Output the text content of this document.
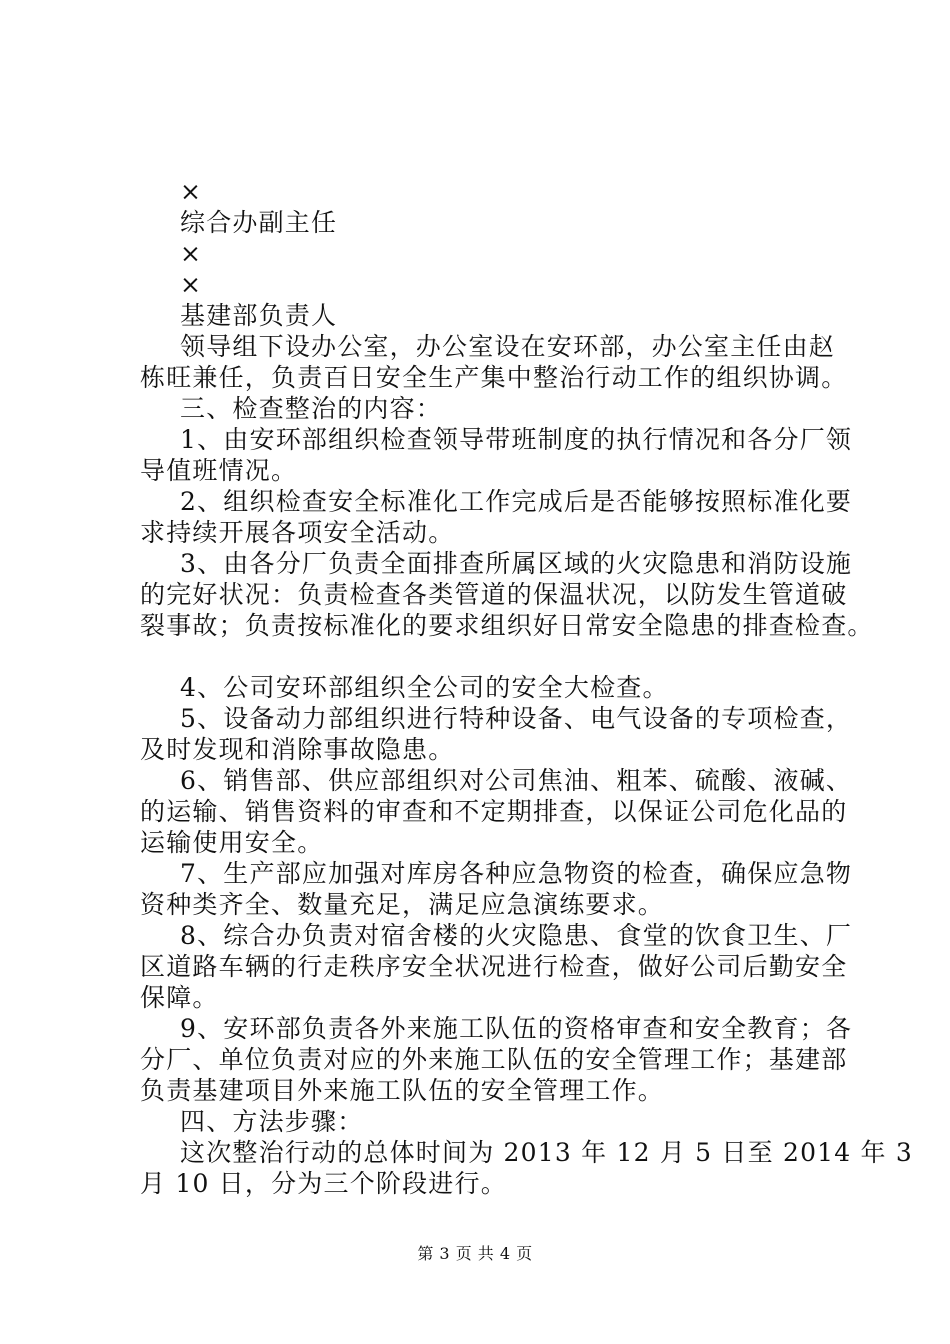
×
综合办副主任
×
×
基建部负责人
领导组下设办公室，办公室设在安环部，办公室主任由赵
栋旺兼任，负责百日安全生产集中整治行动工作的组织协调。
三、检查整治的内容：
1、由安环部组织检查领导带班制度的执行情况和各分厂领
导值班情况。
2、组织检查安全标准化工作完成后是否能够按照标准化要
求持续开展各项安全活动。
3、由各分厂负责全面排查所属区域的火灾隐患和消防设施
的完好状况：负责检查各类管道的保温状况，以防发生管道破
裂事故；负责按标准化的要求组织好日常安全隐患的排查检查。
4、公司安环部组织全公司的安全大检查。
5、设备动力部组织进行特种设备、电气设备的专项检查，
及时发现和消除事故隐患。
6、销售部、供应部组织对公司焦油、粗苯、硫酸、液碱、
的运输、销售资料的审查和不定期排查，以保证公司危化品的
运输使用安全。
7、生产部应加强对库房各种应急物资的检查，确保应急物
资种类齐全、数量充足，满足应急演练要求。
8、综合办负责对宿舍楼的火灾隐患、食堂的饮食卫生、厂
区道路车辆的行走秩序安全状况进行检查，做好公司后勤安全
保障。
9、安环部负责各外来施工队伍的资格审查和安全教育；各
分厂、单位负责对应的外来施工队伍的安全管理工作；基建部
负责基建项目外来施工队伍的安全管理工作。
四、方法步骤：
这次整治行动的总体时间为 2013 年 12 月 5 日至 2014 年 3
月 10 日，分为三个阶段进行。
第 3 页 共 4 页
